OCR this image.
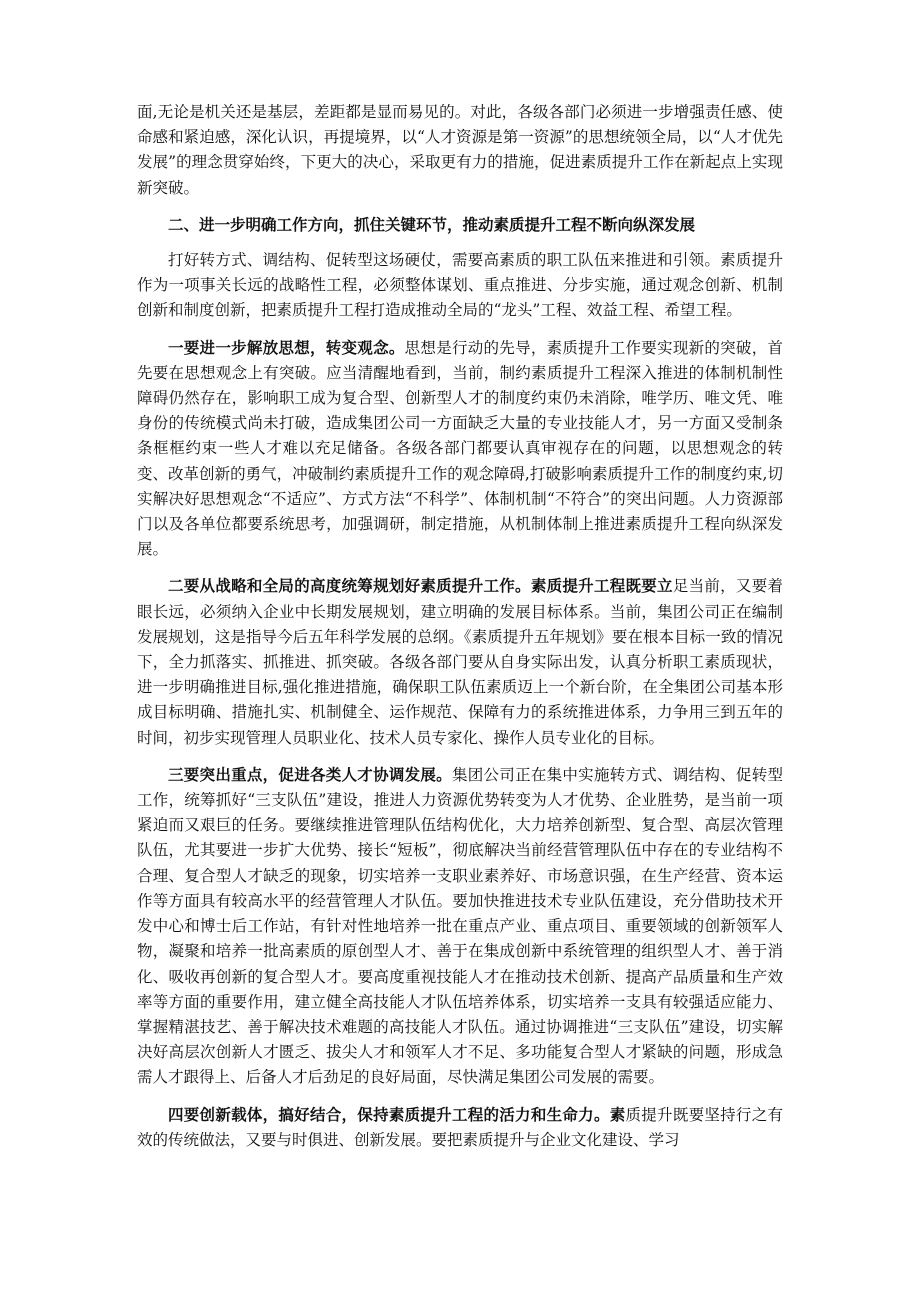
面,无论是机关还是基层，差距都是显而易见的。对此，各级各部门必须进一步增强责任感、使命感和紧迫感，深化认识，再提境界，以“人才资源是第一资源”的思想统领全局，以“人才优先发展”的理念贯穿始终，下更大的决心，采取更有力的措施，促进素质提升工作在新起点上实现新突破。

二、进一步明确工作方向，抓住关键环节，推动素质提升工程不断向纵深发展

打好转方式、调结构、促转型这场硬仗，需要高素质的职工队伍来推进和引领。素质提升作为一项事关长远的战略性工程，必须整体谋划、重点推进、分步实施，通过观念创新、机制创新和制度创新，把素质提升工程打造成推动全局的“龙头”工程、效益工程、希望工程。

一要进一步解放思想，转变观念。思想是行动的先导，素质提升工作要实现新的突破，首先要在思想观念上有突破。应当清醒地看到，当前，制约素质提升工程深入推进的体制机制性障碍仍然存在，影响职工成为复合型、创新型人才的制度约束仍未消除，唯学历、唯文凭、唯身份的传统模式尚未打破，造成集团公司一方面缺乏大量的专业技能人才，另一方面又受制条条框框约束一些人才难以充足储备。各级各部门都要认真审视存在的问题，以思想观念的转变、改革创新的勇气，冲破制约素质提升工作的观念障碍,打破影响素质提升工作的制度约束,切实解决好思想观念“不适应”、方式方法“不科学”、体制机制“不符合”的突出问题。人力资源部门以及各单位都要系统思考，加强调研，制定措施，从机制体制上推进素质提升工程向纵深发展。

二要从战略和全局的高度统筹规划好素质提升工作。素质提升工程既要立足当前，又要着眼长远，必须纳入企业中长期发展规划，建立明确的发展目标体系。当前，集团公司正在编制发展规划，这是指导今后五年科学发展的总纲。《素质提升五年规划》要在根本目标一致的情况下，全力抓落实、抓推进、抓突破。各级各部门要从自身实际出发，认真分析职工素质现状，进一步明确推进目标,强化推进措施，确保职工队伍素质迈上一个新台阶，在全集团公司基本形成目标明确、措施扎实、机制健全、运作规范、保障有力的系统推进体系，力争用三到五年的时间，初步实现管理人员职业化、技术人员专家化、操作人员专业化的目标。

三要突出重点，促进各类人才协调发展。集团公司正在集中实施转方式、调结构、促转型工作，统筹抓好“三支队伍”建设，推进人力资源优势转变为人才优势、企业胜势，是当前一项紧迫而又艰巨的任务。要继续推进管理队伍结构优化，大力培养创新型、复合型、高层次管理队伍，尤其要进一步扩大优势、接长“短板”，彻底解决当前经营管理队伍中存在的专业结构不合理、复合型人才缺乏的现象，切实培养一支职业素养好、市场意识强，在生产经营、资本运作等方面具有较高水平的经营管理人才队伍。要加快推进技术专业队伍建设，充分借助技术开发中心和博士后工作站，有针对性地培养一批在重点产业、重点项目、重要领域的创新领军人物，凝聚和培养一批高素质的原创型人才、善于在集成创新中系统管理的组织型人才、善于消化、吸收再创新的复合型人才。要高度重视技能人才在推动技术创新、提高产品质量和生产效率等方面的重要作用，建立健全高技能人才队伍培养体系，切实培养一支具有较强适应能力、掌握精湛技艺、善于解决技术难题的高技能人才队伍。通过协调推进“三支队伍”建设，切实解决好高层次创新人才匮乏、拔尖人才和领军人才不足、多功能复合型人才紧缺的问题，形成急需人才跟得上、后备人才后劲足的良好局面，尽快满足集团公司发展的需要。

四要创新载体，搞好结合，保持素质提升工程的活力和生命力。素质提升既要坚持行之有效的传统做法，又要与时俱进、创新发展。要把素质提升与企业文化建设、学习
